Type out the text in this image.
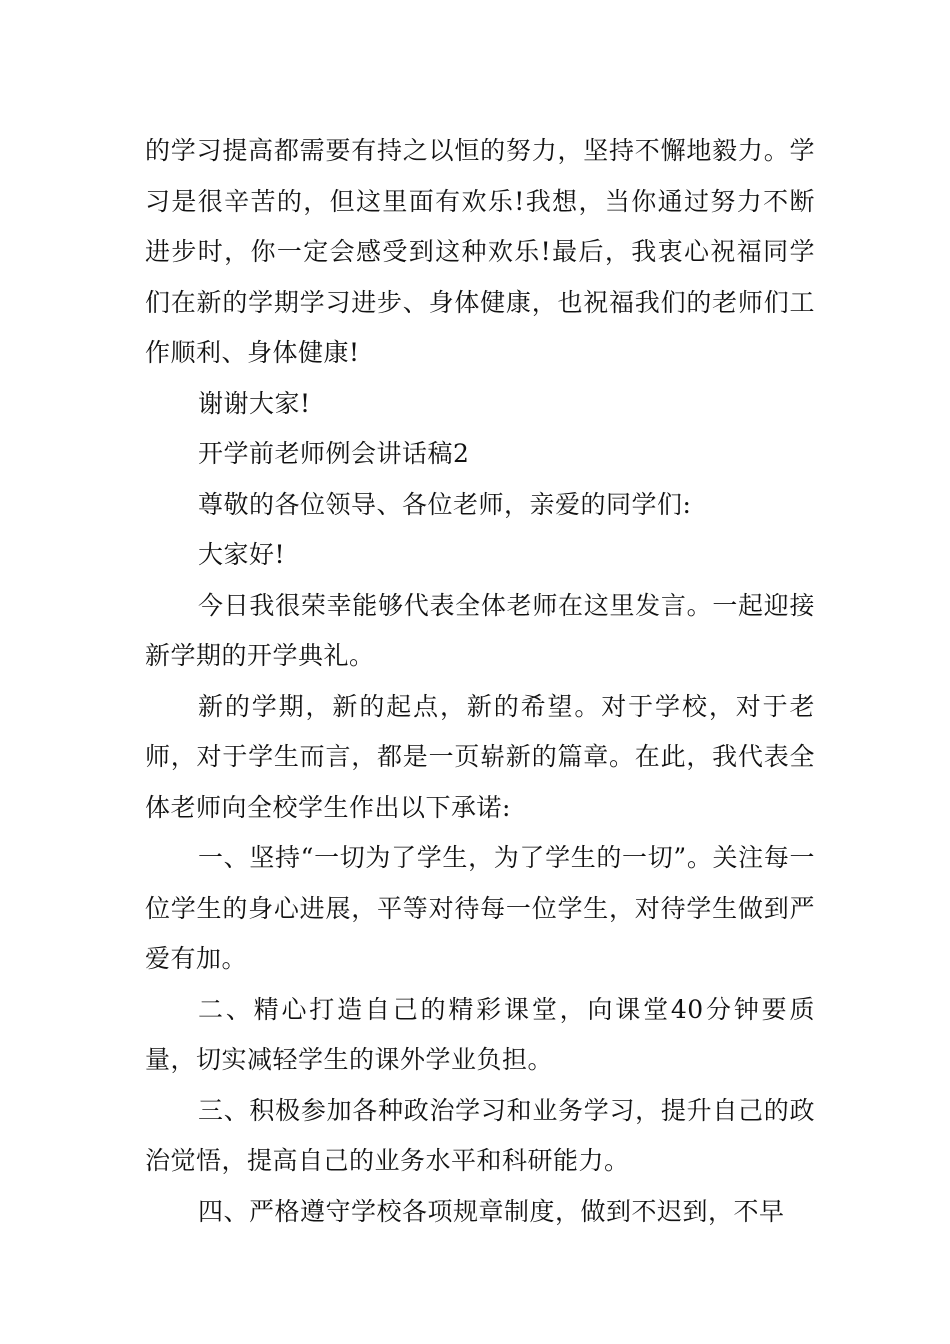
的学习提高都需要有持之以恒的努力，坚持不懈地毅力。学习是很辛苦的，但这里面有欢乐!我想，当你通过努力不断进步时，你一定会感受到这种欢乐!最后，我衷心祝福同学们在新的学期学习进步、身体健康，也祝福我们的老师们工作顺利、身体健康!

谢谢大家!

开学前老师例会讲话稿2

尊敬的各位领导、各位老师，亲爱的同学们:

大家好!

今日我很荣幸能够代表全体老师在这里发言。一起迎接新学期的开学典礼。

新的学期，新的起点，新的希望。对于学校，对于老师，对于学生而言，都是一页崭新的篇章。在此，我代表全体老师向全校学生作出以下承诺:

一、坚持“一切为了学生，为了学生的一切”。关注每一位学生的身心进展，平等对待每一位学生，对待学生做到严爱有加。

二、精心打造自己的精彩课堂，向课堂40分钟要质量，切实减轻学生的课外学业负担。

三、积极参加各种政治学习和业务学习，提升自己的政治觉悟，提高自己的业务水平和科研能力。

四、严格遵守学校各项规章制度，做到不迟到，不早
